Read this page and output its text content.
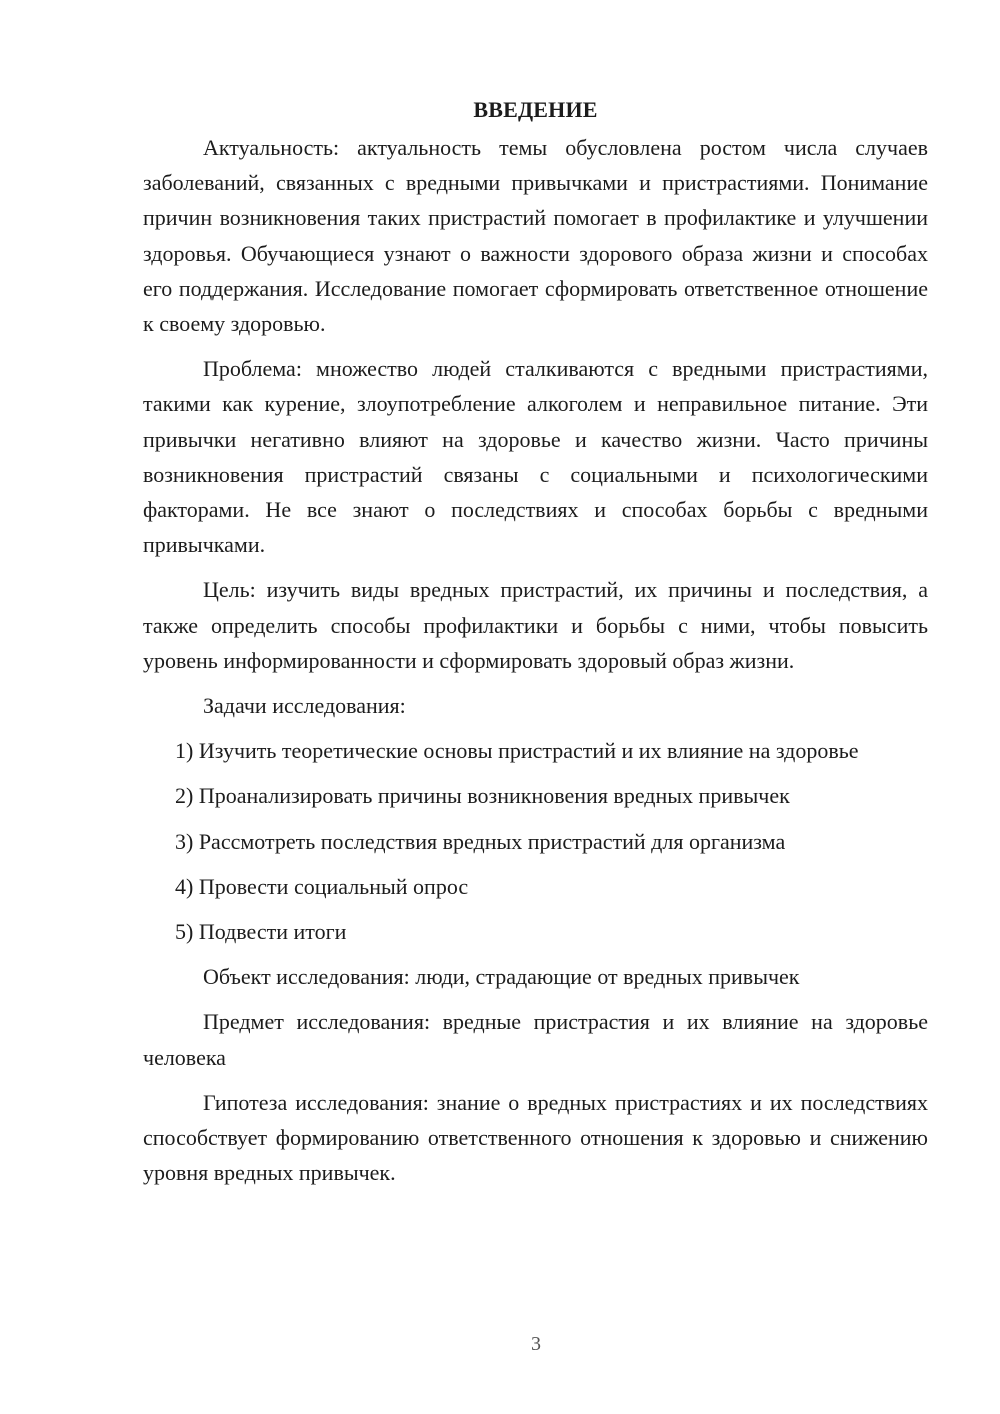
ВВЕДЕНИЕ

Актуальность: актуальность темы обусловлена ростом числа случаев заболеваний, связанных с вредными привычками и пристрастиями. Понимание причин возникновения таких пристрастий помогает в профилактике и улучшении здоровья. Обучающиеся узнают о важности здорового образа жизни и способах его поддержания. Исследование помогает сформировать ответственное отношение к своему здоровью.

Проблема: множество людей сталкиваются с вредными пристрастиями, такими как курение, злоупотребление алкоголем и неправильное питание. Эти привычки негативно влияют на здоровье и качество жизни. Часто причины возникновения пристрастий связаны с социальными и психологическими факторами. Не все знают о последствиях и способах борьбы с вредными привычками.

Цель: изучить виды вредных пристрастий, их причины и последствия, а также определить способы профилактики и борьбы с ними, чтобы повысить уровень информированности и сформировать здоровый образ жизни.

Задачи исследования:

1) Изучить теоретические основы пристрастий и их влияние на здоровье

2) Проанализировать причины возникновения вредных привычек

3) Рассмотреть последствия вредных пристрастий для организма

4) Провести социальный опрос

5) Подвести итоги

Объект исследования: люди, страдающие от вредных привычек

Предмет исследования: вредные пристрастия и их влияние на здоровье человека

Гипотеза исследования: знание о вредных пристрастиях и их последствиях способствует формированию ответственного отношения к здоровью и снижению уровня вредных привычек.

3
